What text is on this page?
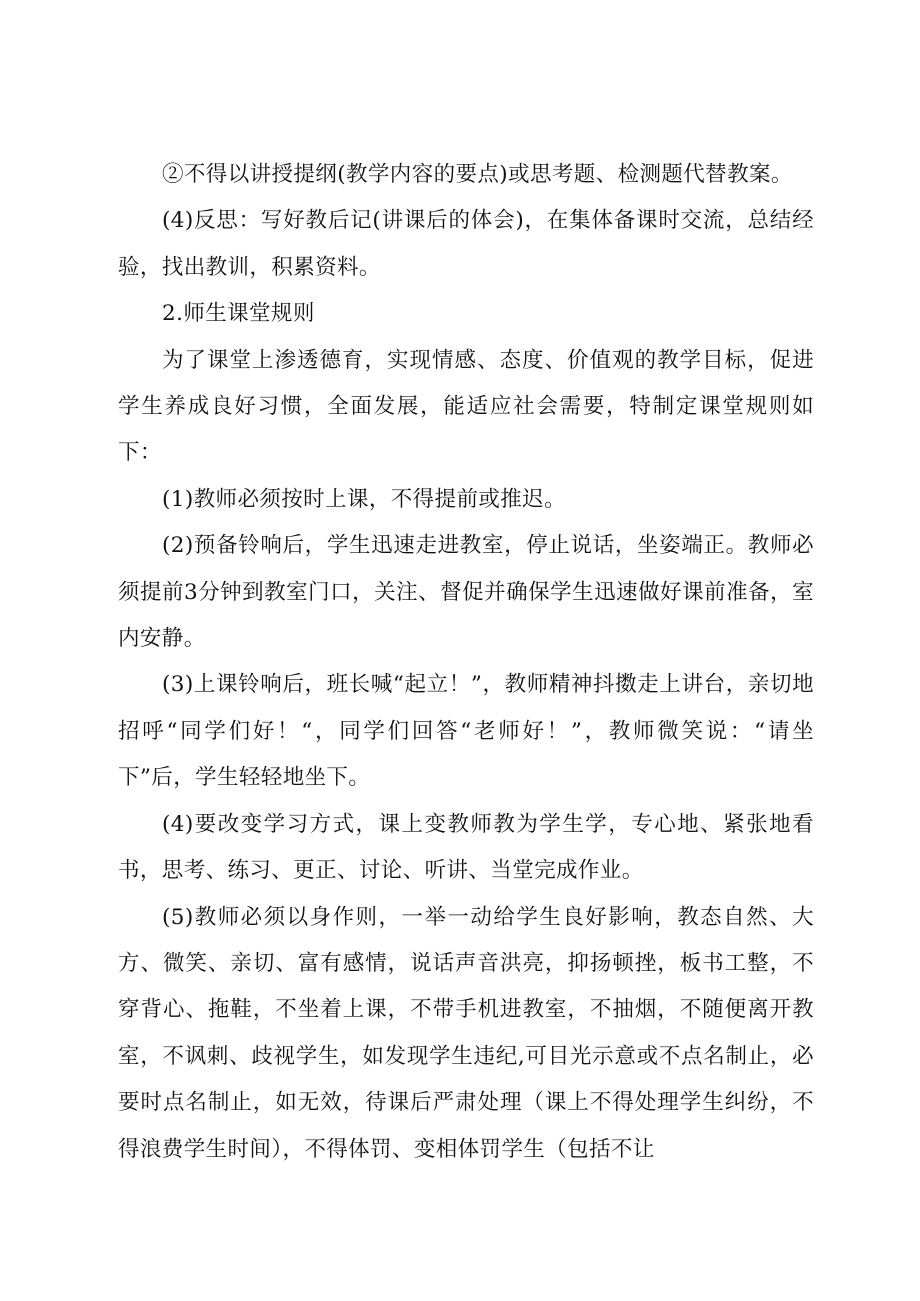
②不得以讲授提纲(教学内容的要点)或思考题、检测题代替教案。

(4)反思：写好教后记(讲课后的体会)，在集体备课时交流，总结经验，找出教训，积累资料。

2.师生课堂规则

为了课堂上渗透德育，实现情感、态度、价值观的教学目标，促进学生养成良好习惯，全面发展，能适应社会需要，特制定课堂规则如下：

(1)教师必须按时上课，不得提前或推迟。

(2)预备铃响后，学生迅速走进教室，停止说话，坐姿端正。教师必须提前3分钟到教室门口，关注、督促并确保学生迅速做好课前准备，室内安静。

(3)上课铃响后，班长喊“起立！”，教师精神抖擞走上讲台，亲切地招呼“同学们好！“，同学们回答“老师好！”，教师微笑说：“请坐下”后，学生轻轻地坐下。

(4)要改变学习方式，课上变教师教为学生学，专心地、紧张地看书，思考、练习、更正、讨论、听讲、当堂完成作业。

(5)教师必须以身作则，一举一动给学生良好影响，教态自然、大方、微笑、亲切、富有感情，说话声音洪亮，抑扬顿挫，板书工整，不穿背心、拖鞋，不坐着上课，不带手机进教室，不抽烟，不随便离开教室，不讽刺、歧视学生，如发现学生违纪,可目光示意或不点名制止，必要时点名制止，如无效，待课后严肃处理（课上不得处理学生纠纷，不得浪费学生时间），不得体罚、变相体罚学生（包括不让
